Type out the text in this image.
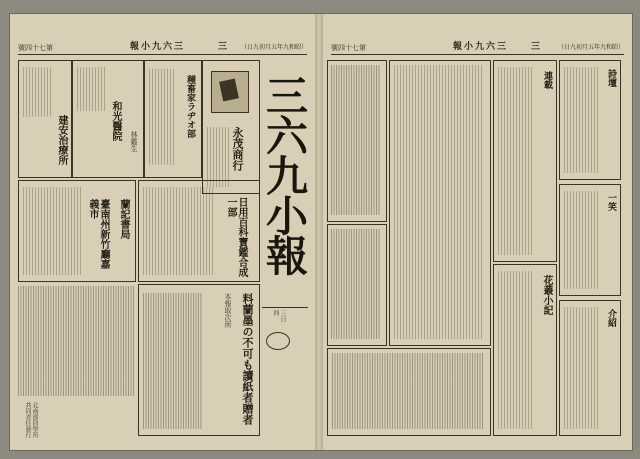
號四十七第	報小九六三	三 （日九初月五年九和昭）
建安治療所	和光醫院
林鑑生
種畜家ラヂオ部
永茂商行 三六九小報
三日四
臺南州新竹廳嘉義市	蘭記書局	日用百科寶鑑合成一部
料蘭墨の不可も讀紙者贈者
本報取次所
北南部同學所共同責任發行
號四十七第	報小九六三	三	（日九初月五年九和昭）
連載	詩壇
一笑
花叢小記
介紹
